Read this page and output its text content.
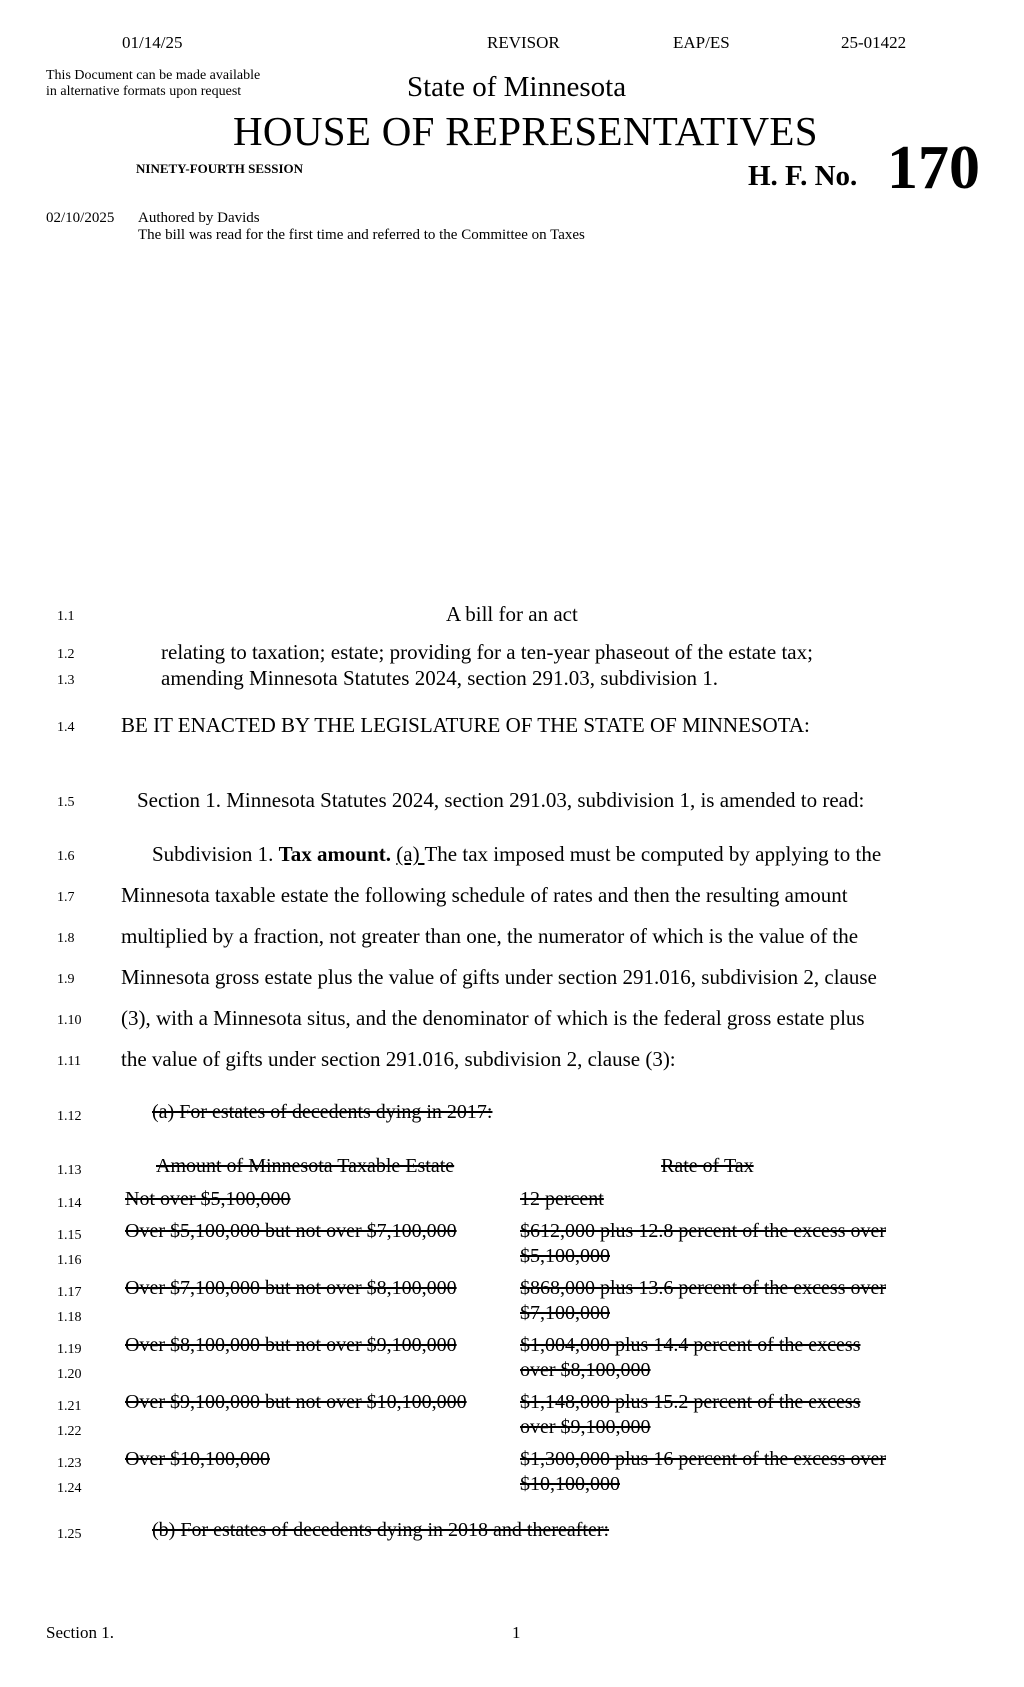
01/14/25	REVISOR	EAP/ES	25-01422
This Document can be made available
in alternative formats upon request	State of Minnesota
HOUSE OF REPRESENTATIVES
NINETY-FOURTH SESSION	H. F. No. 170
02/10/2025 Authored by Davids
The bill was read for the first time and referred to the Committee on Taxes
1.1
1.2
1.3
1.4
1.5
1.6
1.7
1.8
1.9
1.10
1.11
1.12
1.13
1.14
1.15
1.16
1.17
1.18
1.19
1.20
1.21
1.22
1.23
1.24
1.25
A bill for an act
relating to taxation; estate; providing for a ten-year phaseout of the estate tax;
amending Minnesota Statutes 2024, section 291.03, subdivision 1.
BE IT ENACTED BY THE LEGISLATURE OF THE STATE OF MINNESOTA:
Section 1. Minnesota Statutes 2024, section 291.03, subdivision 1, is amended to read:
Subdivision 1. Tax amount. (a) The tax imposed must be computed by applying to the
Minnesota taxable estate the following schedule of rates and then the resulting amount
multiplied by a fraction, not greater than one, the numerator of which is the value of the
Minnesota gross estate plus the value of gifts under section 291.016, subdivision 2, clause
(3), with a Minnesota situs, and the denominator of which is the federal gross estate plus
the value of gifts under section 291.016, subdivision 2, clause (3):
(a) For estates of decedents dying in 2017:
Amount of Minnesota Taxable Estate	Rate of Tax
Not over $5,100,000	12 percent
Over $5,100,000 but not over $7,100,000	$612,000 plus 12.8 percent of the excess over
$5,100,000
Over $7,100,000 but not over $8,100,000	$868,000 plus 13.6 percent of the excess over
$7,100,000
Over $8,100,000 but not over $9,100,000	$1,004,000 plus 14.4 percent of the excess
over $8,100,000
Over $9,100,000 but not over $10,100,000	$1,148,000 plus 15.2 percent of the excess
over $9,100,000
Over $10,100,000	$1,300,000 plus 16 percent of the excess over
$10,100,000
(b) For estates of decedents dying in 2018 and thereafter:
Section 1.	1
